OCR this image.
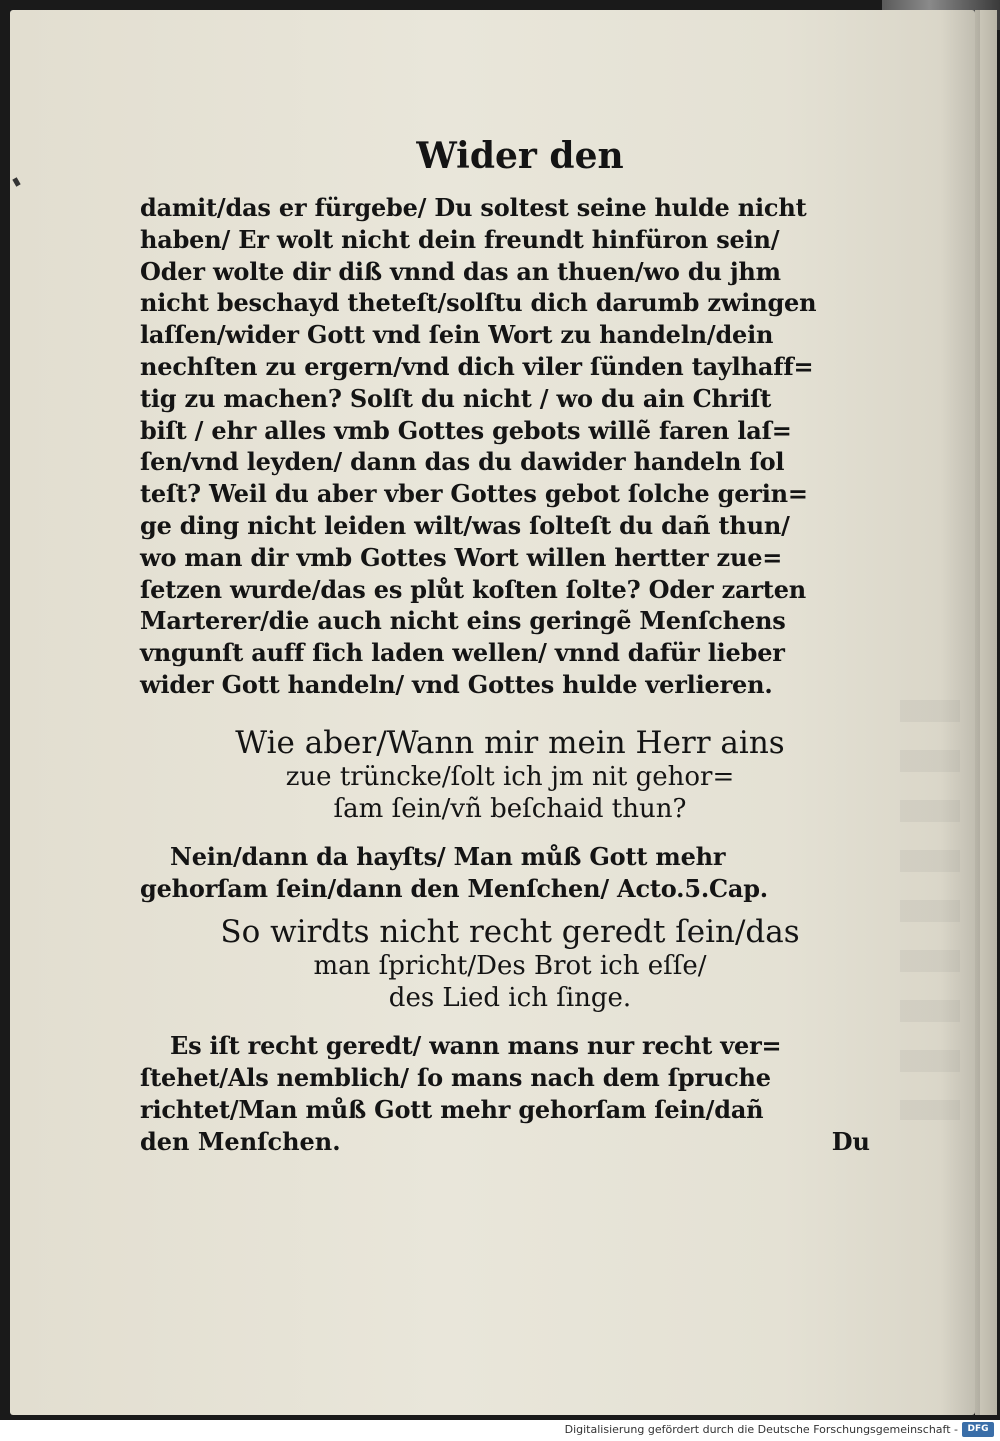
Wider den
damit/das er fürgebe/ Du soltest seine hulde nicht
haben/ Er wolt nicht dein freundt hinfüron sein/
Oder wolte dir diß vnnd das an thuen/wo du jhm
nicht beschayd theteſt/solſtu dich darumb zwingen
laſſen/wider Gott vnd ſein Wort zu handeln/dein
nechſten zu ergern/vnd dich viler ſünden taylhaff=
tig zu machen? Solſt du nicht / wo du ain Chriſt
biſt / ehr alles vmb Gottes gebots willẽ faren laſ=
ſen/vnd leyden/ dann das du dawider handeln ſol
teſt? Weil du aber vber Gottes gebot ſolche gerin=
ge ding nicht leiden wilt/was ſolteſt du dañ thun/
wo man dir vmb Gottes Wort willen hertter zue=
ſetzen wurde/das es plůt koſten ſolte? Oder zarten
Marterer/die auch nicht eins geringẽ Menſchens
vngunſt auff ſich laden wellen/ vnnd dafür lieber
wider Gott handeln/ vnd Gottes hulde verlieren.
Wie aber/Wann mir mein Herr ains
zue trüncke/ſolt ich jm nit gehor=
ſam ſein/vñ beſchaid thun?
Nein/dann da hayſts/ Man můß Gott mehr
gehorſam ſein/dann den Menſchen/ Acto.5.Cap.
So wirdts nicht recht geredt ſein/das
man ſpricht/Des Brot ich eſſe/
des Lied ich ſinge.
Es iſt recht geredt/ wann mans nur recht ver=
ſtehet/Als nemblich/ ſo mans nach dem ſpruche
richtet/Man můß Gott mehr gehorſam ſein/dañ
den Menſchen.	Du
Digitalisierung gefördert durch die Deutsche Forschungsgemeinschaft -	DFG
